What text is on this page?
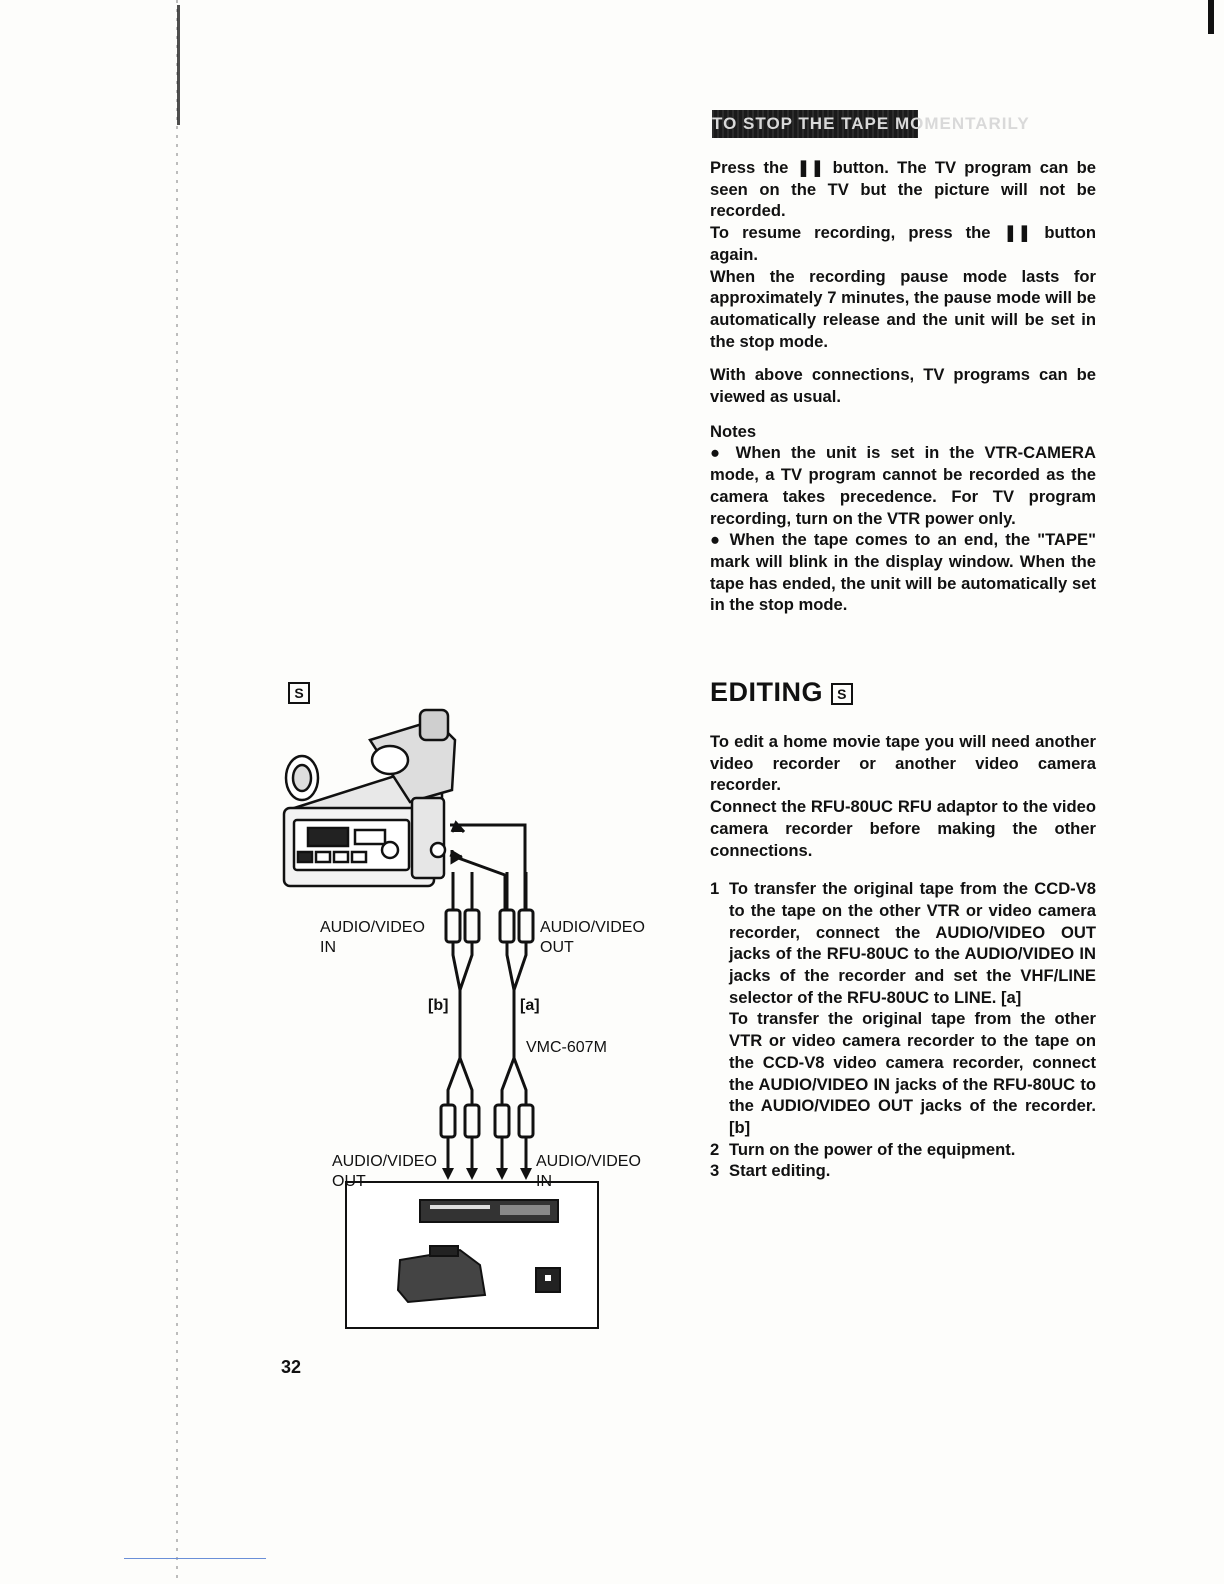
TO STOP THE TAPE MOMENTARILY

Press the ❚❚ button. The TV program can be seen on the TV but the picture will not be recorded.

To resume recording, press the ❚❚ button again.

When the recording pause mode lasts for approximately 7 minutes, the pause mode will be automatically release and the unit will be set in the stop mode.

With above connections, TV programs can be viewed as usual.

Notes

● When the unit is set in the VTR-CAMERA mode, a TV program cannot be recorded as the camera takes precedence. For TV program recording, turn on the VTR power only.

● When the tape comes to an end, the "TAPE" mark will blink in the display window. When the tape has ended, the unit will be automatically set in the stop mode.

EDITING S

To edit a home movie tape you will need another video recorder or another video camera recorder.

Connect the RFU-80UC RFU adaptor to the video camera recorder before making the other connections.

1 To transfer the original tape from the CCD-V8 to the tape on the other VTR or video camera recorder, connect the AUDIO/VIDEO OUT jacks of the RFU-80UC to the AUDIO/VIDEO IN jacks of the recorder and set the VHF/LINE selector of the RFU-80UC to LINE. [a]
To transfer the original tape from the other VTR or video camera recorder to the tape on the CCD-V8 video camera recorder, connect the AUDIO/VIDEO IN jacks of the RFU-80UC to the AUDIO/VIDEO OUT jacks of the recorder. [b]
2 Turn on the power of the equipment.
3 Start editing.
S
AUDIO/VIDEO
IN
AUDIO/VIDEO
OUT
[b]	[a]
VMC-607M
AUDIO/VIDEO
OUT
AUDIO/VIDEO
IN
32
